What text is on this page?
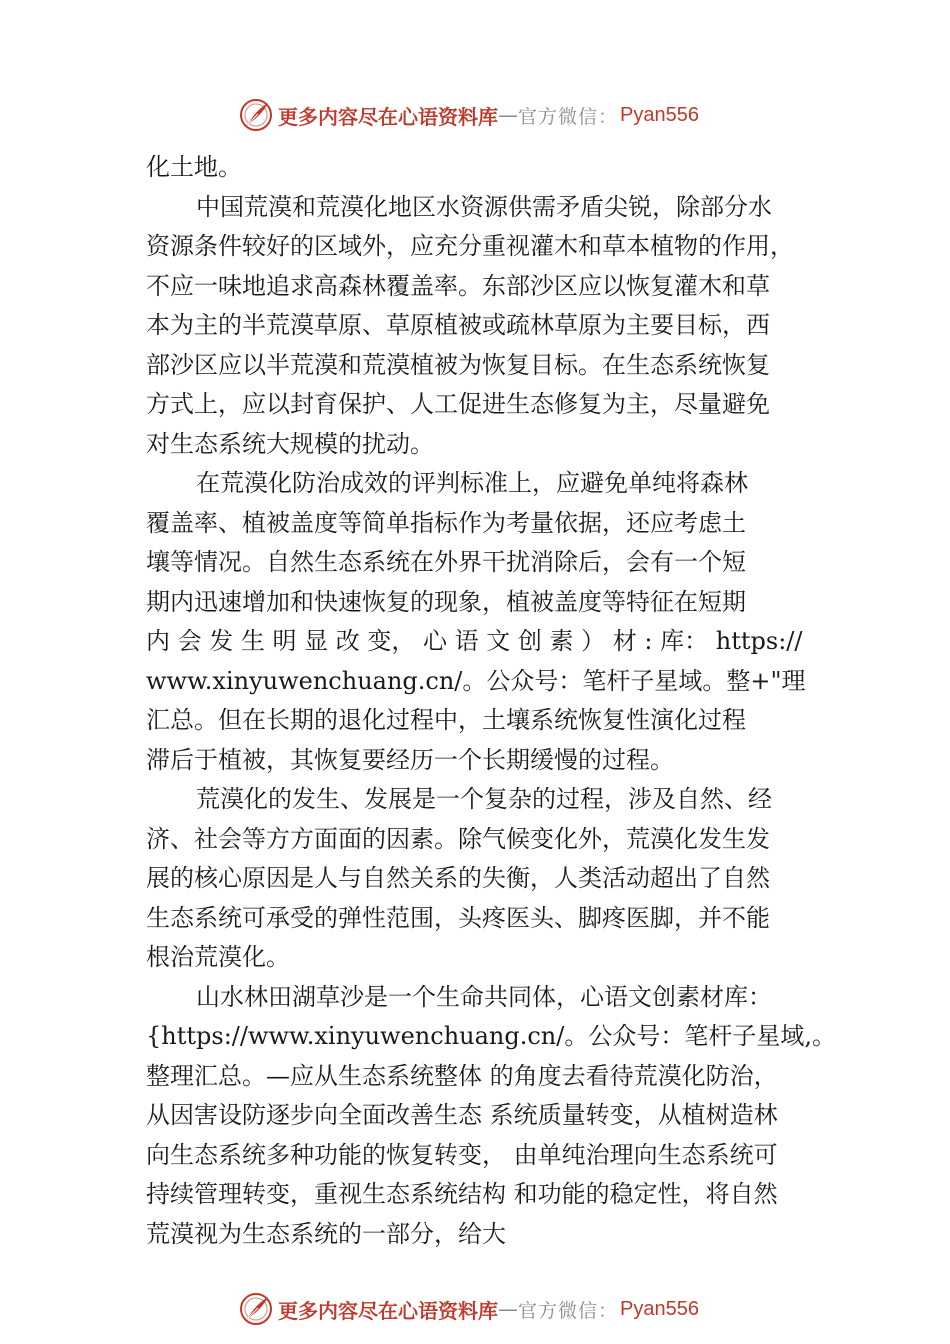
更多内容尽在心语资料库 — 官方微信： Pyan556
化土地。
中国荒漠和荒漠化地区水资源供需矛盾尖锐，除部分水
资源条件较好的区域外，应充分重视灌木和草本植物的作用，
不应一味地追求高森林覆盖率。东部沙区应以恢复灌木和草
本为主的半荒漠草原、草原植被或疏林草原为主要目标，西
部沙区应以半荒漠和荒漠植被为恢复目标。在生态系统恢复
方式上，应以封育保护、人工促进生态修复为主，尽量避免
对生态系统大规模的扰动。
在荒漠化防治成效的评判标准上，应避免单纯将森林
覆盖率、植被盖度等简单指标作为考量依据，还应考虑土
壤等情况。自然生态系统在外界干扰消除后，会有一个短
期内迅速增加和快速恢复的现象，植被盖度等特征在短期
内 会 发 生 明 显 改 变， 心 语 文 创 素 ） 材 : 库： https://
www.xinyuwenchuang.cn/。公众号：笔杆子星域。整+"理
汇总。但在长期的退化过程中，土壤系统恢复性演化过程
滞后于植被，其恢复要经历一个长期缓慢的过程。
荒漠化的发生、发展是一个复杂的过程，涉及自然、经
济、社会等方方面面的因素。除气候变化外，荒漠化发生发
展的核心原因是人与自然关系的失衡，人类活动超出了自然
生态系统可承受的弹性范围，头疼医头、脚疼医脚，并不能
根治荒漠化。
山水林田湖草沙是一个生命共同体，心语文创素材库：
{https://www.xinyuwenchuang.cn/。公众号：笔杆子星域,。
整理汇总。—应从生态系统整体 的角度去看待荒漠化防治，
从因害设防逐步向全面改善生态 系统质量转变，从植树造林
向生态系统多种功能的恢复转变， 由单纯治理向生态系统可
持续管理转变，重视生态系统结构 和功能的稳定性，将自然
荒漠视为生态系统的一部分，给大
更多内容尽在心语资料库 — 官方微信： Pyan556
